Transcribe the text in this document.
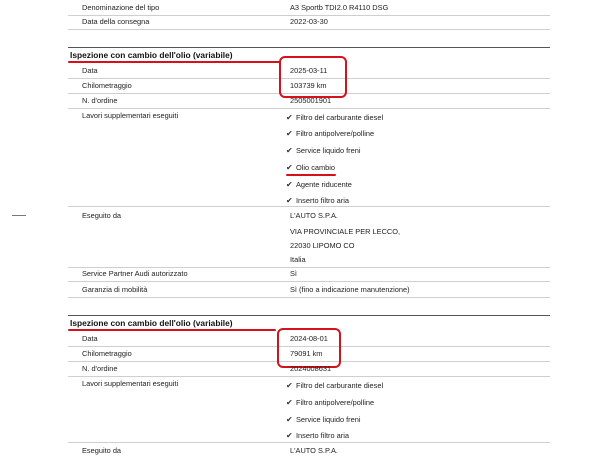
Denominazione del tipo	A3 Sportb TDI2.0 R4110 DSG
Data della consegna	2022-03-30
Ispezione con cambio dell'olio (variabile)
Data	2025-03-11
Chilometraggio	103739 km
N. d'ordine	2505001901
Lavori supplementari eseguiti	✔ Filtro del carburante diesel
✔ Filtro antipolvere/polline
✔ Service liquido freni
✔ Olio cambio
✔ Agente riducente
✔ Inserto filtro aria
Eseguito da	L'AUTO S.P.A.
VIA PROVINCIALE PER LECCO,
22030 LIPOMO CO
Italia
Service Partner Audi autorizzato	Sì
Garanzia di mobilità	Sì (fino a indicazione manutenzione)
Ispezione con cambio dell'olio (variabile)
Data	2024-08-01
Chilometraggio	79091 km
N. d'ordine	2024008631
Lavori supplementari eseguiti	✔ Filtro del carburante diesel
✔ Filtro antipolvere/polline
✔ Service liquido freni
✔ Inserto filtro aria
Eseguito da	L'AUTO S.P.A.
